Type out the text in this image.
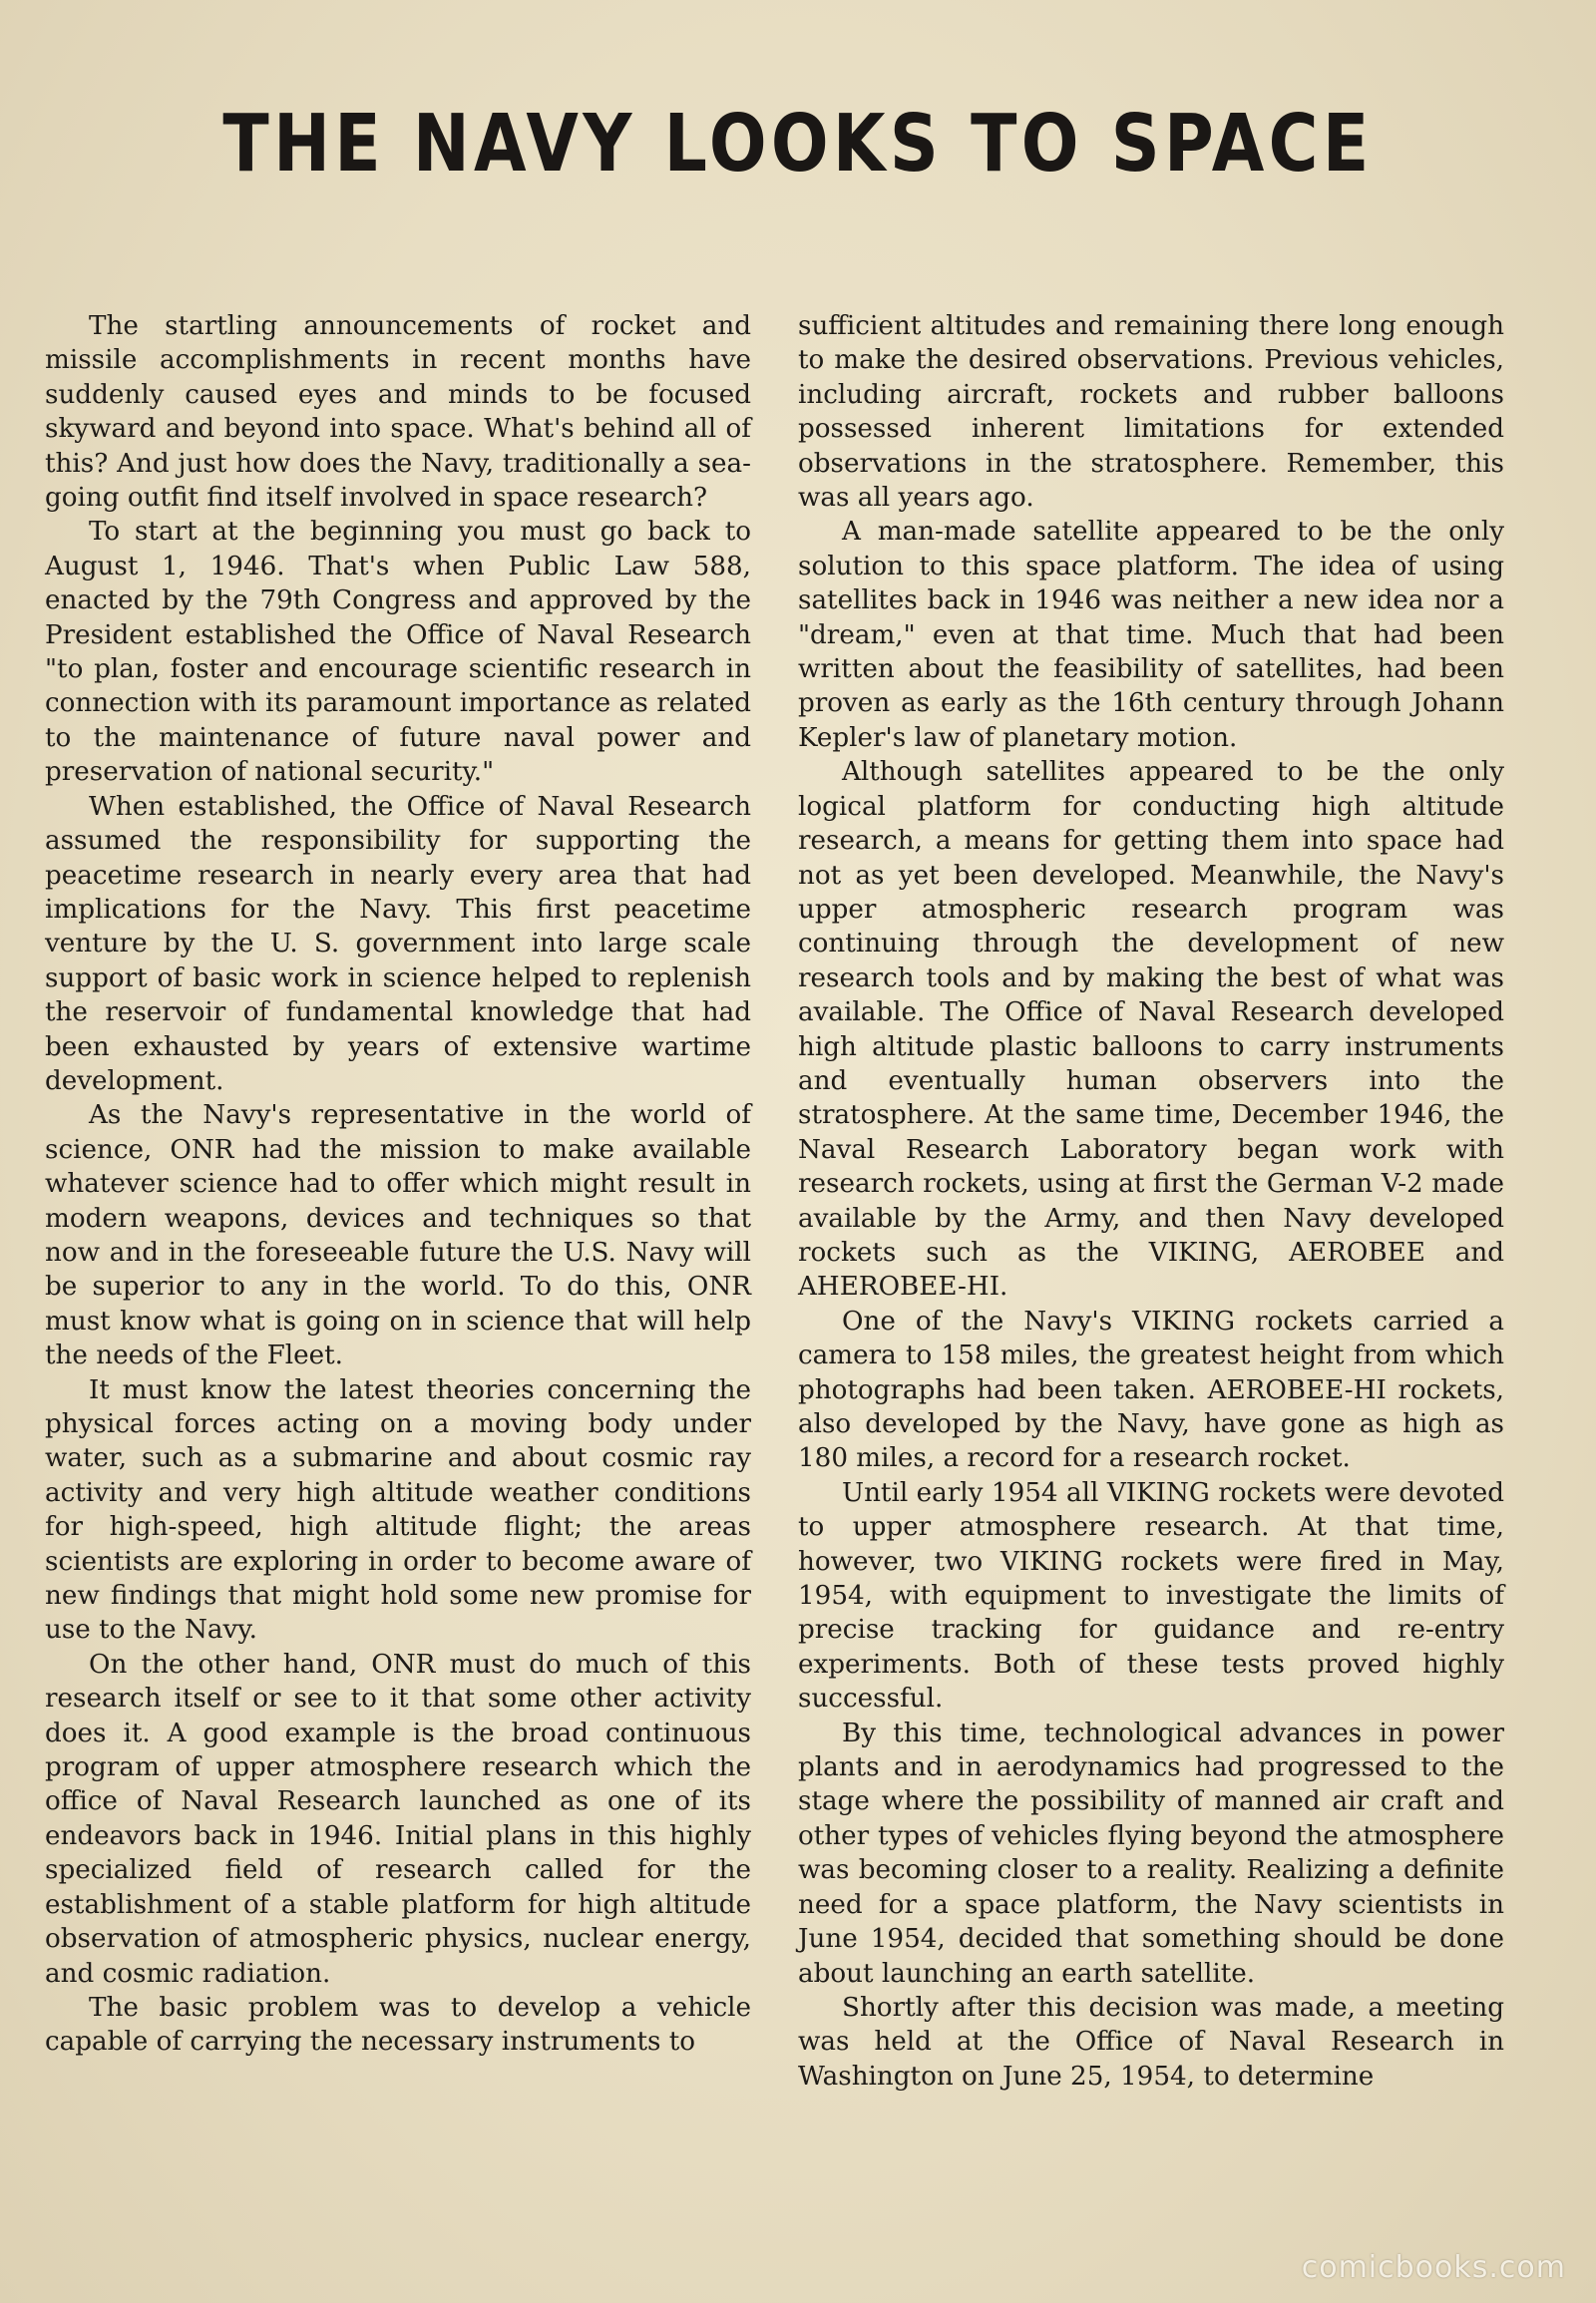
THE NAVY LOOKS TO SPACE

The startling announcements of rocket and missile accomplishments in recent months have suddenly caused eyes and minds to be focused skyward and beyond into space. What's behind all of this? And just how does the Navy, traditionally a sea-going outfit find itself involved in space research?

To start at the beginning you must go back to August 1, 1946. That's when Public Law 588, enacted by the 79th Congress and approved by the President established the Office of Naval Research "to plan, foster and encourage scientific research in connection with its paramount importance as related to the maintenance of future naval power and preservation of national security."

When established, the Office of Naval Research assumed the responsibility for supporting the peacetime research in nearly every area that had implications for the Navy. This first peacetime venture by the U. S. government into large scale support of basic work in science helped to replenish the reservoir of fundamental knowledge that had been exhausted by years of extensive wartime development.

As the Navy's representative in the world of science, ONR had the mission to make available whatever science had to offer which might result in modern weapons, devices and techniques so that now and in the foreseeable future the U.S. Navy will be superior to any in the world. To do this, ONR must know what is going on in science that will help the needs of the Fleet.

It must know the latest theories concerning the physical forces acting on a moving body under water, such as a submarine and about cosmic ray activity and very high altitude weather conditions for high-speed, high altitude flight; the areas scientists are exploring in order to become aware of new findings that might hold some new promise for use to the Navy.

On the other hand, ONR must do much of this research itself or see to it that some other activity does it. A good example is the broad continuous program of upper atmosphere research which the office of Naval Research launched as one of its endeavors back in 1946. Initial plans in this highly specialized field of research called for the establishment of a stable platform for high altitude observation of atmospheric physics, nuclear energy, and cosmic radiation.

The basic problem was to develop a vehicle capable of carrying the necessary instruments to

sufficient altitudes and remaining there long enough to make the desired observations. Previous vehicles, including aircraft, rockets and rubber balloons possessed inherent limitations for extended observations in the stratosphere. Remember, this was all years ago.

A man-made satellite appeared to be the only solution to this space platform. The idea of using satellites back in 1946 was neither a new idea nor a "dream," even at that time. Much that had been written about the feasibility of satellites, had been proven as early as the 16th century through Johann Kepler's law of planetary motion.

Although satellites appeared to be the only logical platform for conducting high altitude research, a means for getting them into space had not as yet been developed. Meanwhile, the Navy's upper atmospheric research program was continuing through the development of new research tools and by making the best of what was available. The Office of Naval Research developed high altitude plastic balloons to carry instruments and eventually human observers into the stratosphere. At the same time, December 1946, the Naval Research Laboratory began work with research rockets, using at first the German V-2 made available by the Army, and then Navy developed rockets such as the VIKING, AEROBEE and AHEROBEE-HI.

One of the Navy's VIKING rockets carried a camera to 158 miles, the greatest height from which photographs had been taken. AEROBEE-HI rockets, also developed by the Navy, have gone as high as 180 miles, a record for a research rocket.

Until early 1954 all VIKING rockets were devoted to upper atmosphere research. At that time, however, two VIKING rockets were fired in May, 1954, with equipment to investigate the limits of precise tracking for guidance and re-entry experiments. Both of these tests proved highly successful.

By this time, technological advances in power plants and in aerodynamics had progressed to the stage where the possibility of manned air craft and other types of vehicles flying beyond the atmosphere was becoming closer to a reality. Realizing a definite need for a space platform, the Navy scientists in June 1954, decided that something should be done about launching an earth satellite.

Shortly after this decision was made, a meeting was held at the Office of Naval Research in Washington on June 25, 1954, to determine

comicbooks.com
